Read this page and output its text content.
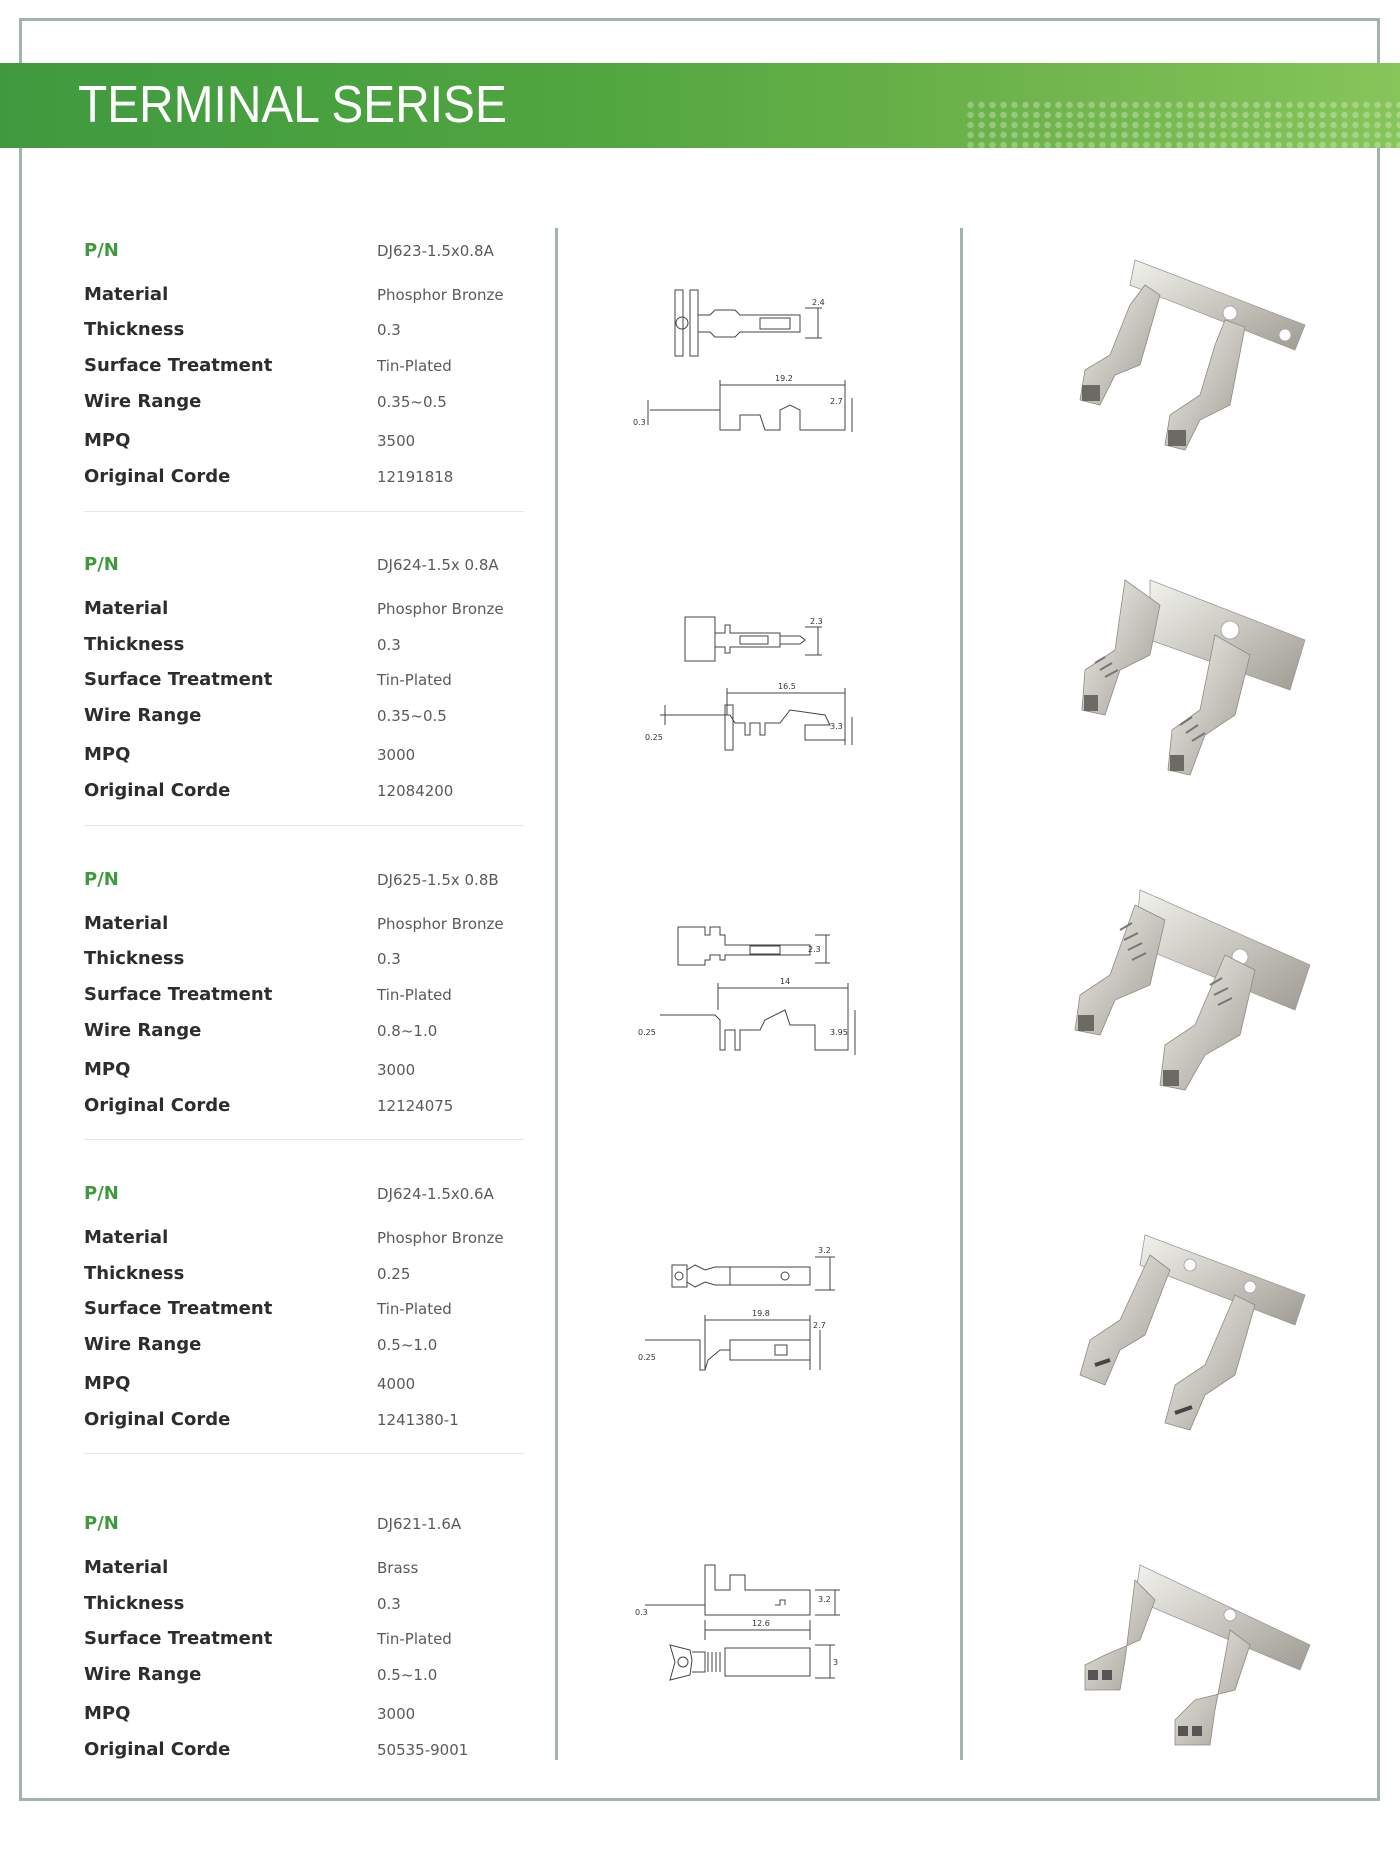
TERMINAL SERISE
P/N	DJ623-1.5x0.8A
Material	Phosphor Bronze
Thickness	0.3
Surface Treatment	Tin-Plated
Wire Range	0.35~0.5
MPQ	3500
Original Corde	12191818
2.4
19.2
2.7
0.3
P/N	DJ624-1.5x 0.8A
Material	Phosphor Bronze
Thickness	0.3
Surface Treatment	Tin-Plated
Wire Range	0.35~0.5
MPQ	3000
Original Corde	12084200
2.3
16.5
3.3
0.25
P/N	DJ625-1.5x 0.8B
Material	Phosphor Bronze
Thickness	0.3
Surface Treatment	Tin-Plated
Wire Range	0.8~1.0
MPQ	3000
Original Corde	12124075
2.3
14
3.95
0.25
P/N	DJ624-1.5x0.6A
Material	Phosphor Bronze
Thickness	0.25
Surface Treatment	Tin-Plated
Wire Range	0.5~1.0
MPQ	4000
Original Corde	1241380-1
3.2
19.8
2.7
0.25
P/N	DJ621-1.6A
Material	Brass
Thickness	0.3
Surface Treatment	Tin-Plated
Wire Range	0.5~1.0
MPQ	3000
Original Corde	50535-9001
3.2
12.6
3
0.3
